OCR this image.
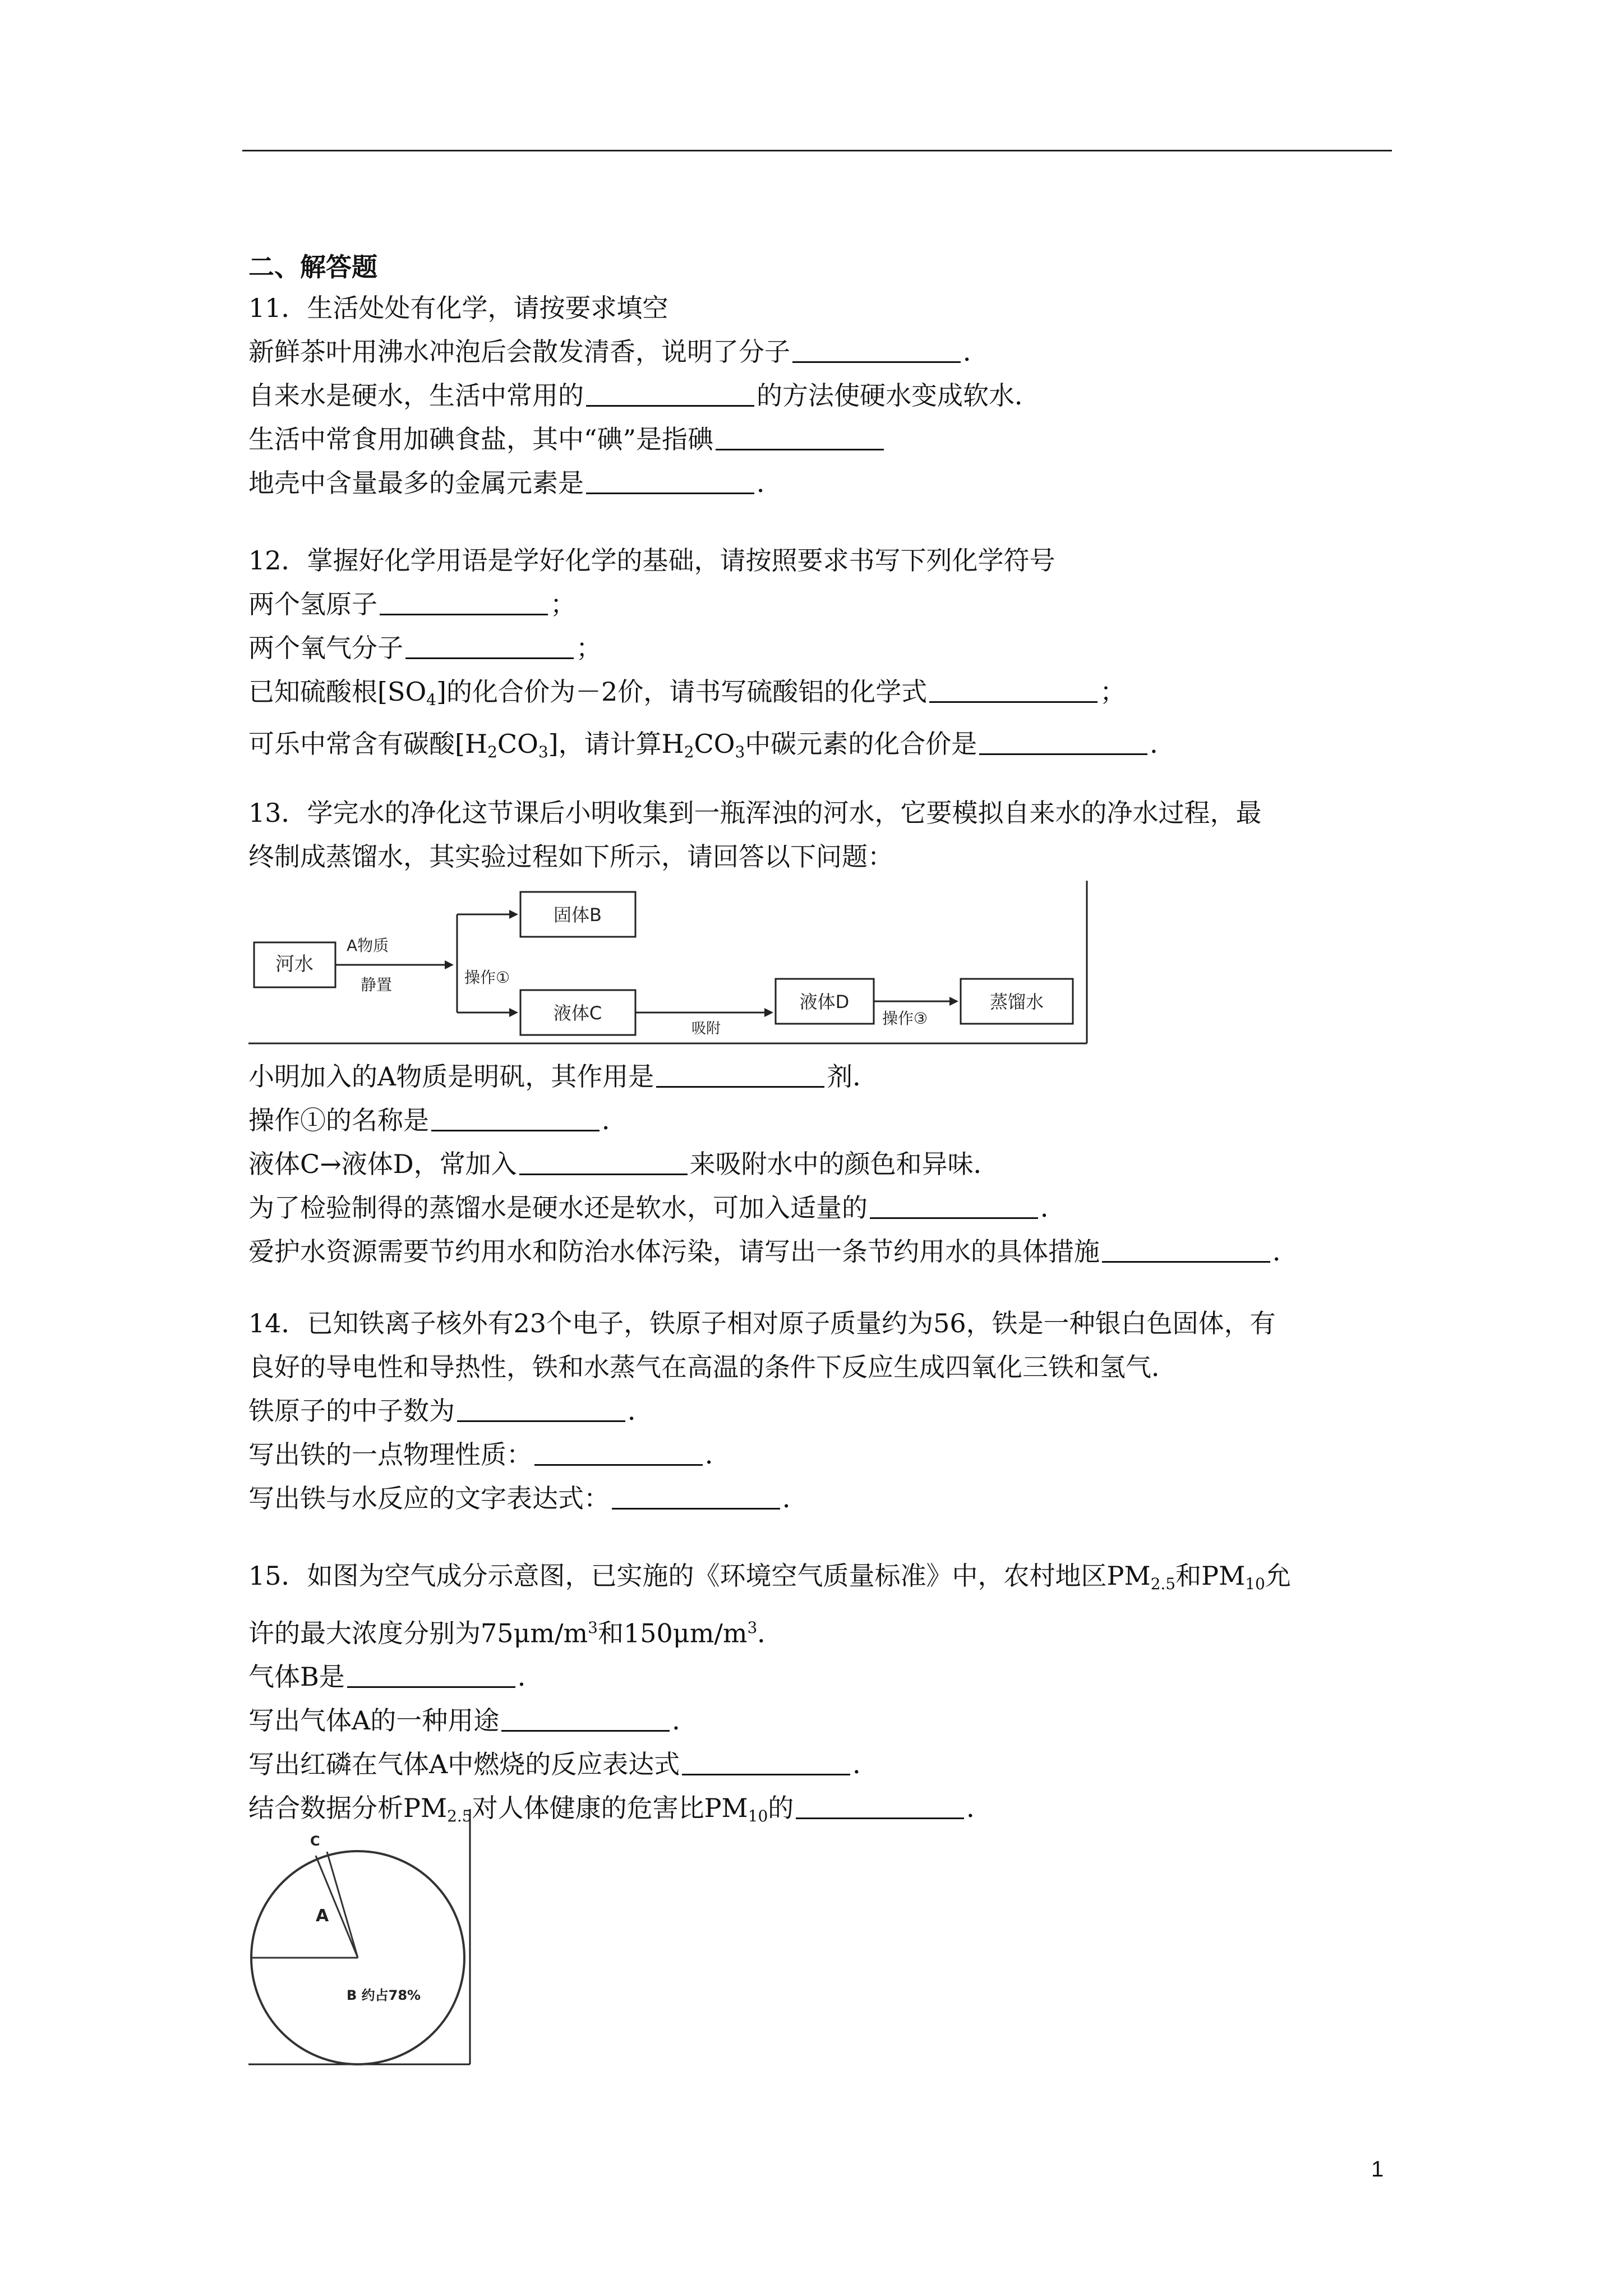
二、解答题
11．生活处处有化学，请按要求填空
新鲜茶叶用沸水冲泡后会散发清香，说明了分子	．
自来水是硬水，生活中常用的	的方法使硬水变成软水．
生活中常食用加碘食盐，其中“碘”是指碘
地壳中含量最多的金属元素是	．
12．掌握好化学用语是学好化学的基础，请按照要求书写下列化学符号
两个氢原子	；
两个氧气分子	；
已知硫酸根$[SO_4]$的化合价为－2价，请书写硫酸铝的化学式	；
可乐中常含有碳酸$[H_2CO_3]$，请计算$H_2CO_3$中碳元素的化合价是	．
13．学完水的净化这节课后小明收集到一瓶浑浊的河水，它要模拟自来水的净水过程，最
终制成蒸馏水，其实验过程如下所示，请回答以下问题：
河水
A物质
静置	操作①
固体B
液体C
吸附
液体D
操作③
蒸馏水
小明加入的A物质是明矾，其作用是	剂．
操作①的名称是	．
液体C→液体D，常加入	来吸附水中的颜色和异味．
为了检验制得的蒸馏水是硬水还是软水，可加入适量的	．
爱护水资源需要节约用水和防治水体污染，请写出一条节约用水的具体措施	．
14．已知铁离子核外有23个电子，铁原子相对原子质量约为56，铁是一种银白色固体，有
良好的导电性和导热性，铁和水蒸气在高温的条件下反应生成四氧化三铁和氢气．
铁原子的中子数为	．
写出铁的一点物理性质：	．
写出铁与水反应的文字表达式：	．
15．如图为空气成分示意图，已实施的《环境空气质量标准》中，农村地区$PM_{2.5}$和$PM_{10}$允
许的最大浓度分别为$75\mu m/m^3$和$150\mu m/m^3$．
气体B是	．
写出气体A的一种用途	．
写出红磷在气体A中燃烧的反应表达式	．
结合数据分析$PM_{2.5}$对人体健康的危害比$PM_{10}$的	．
A
C
B 约占78%
1
